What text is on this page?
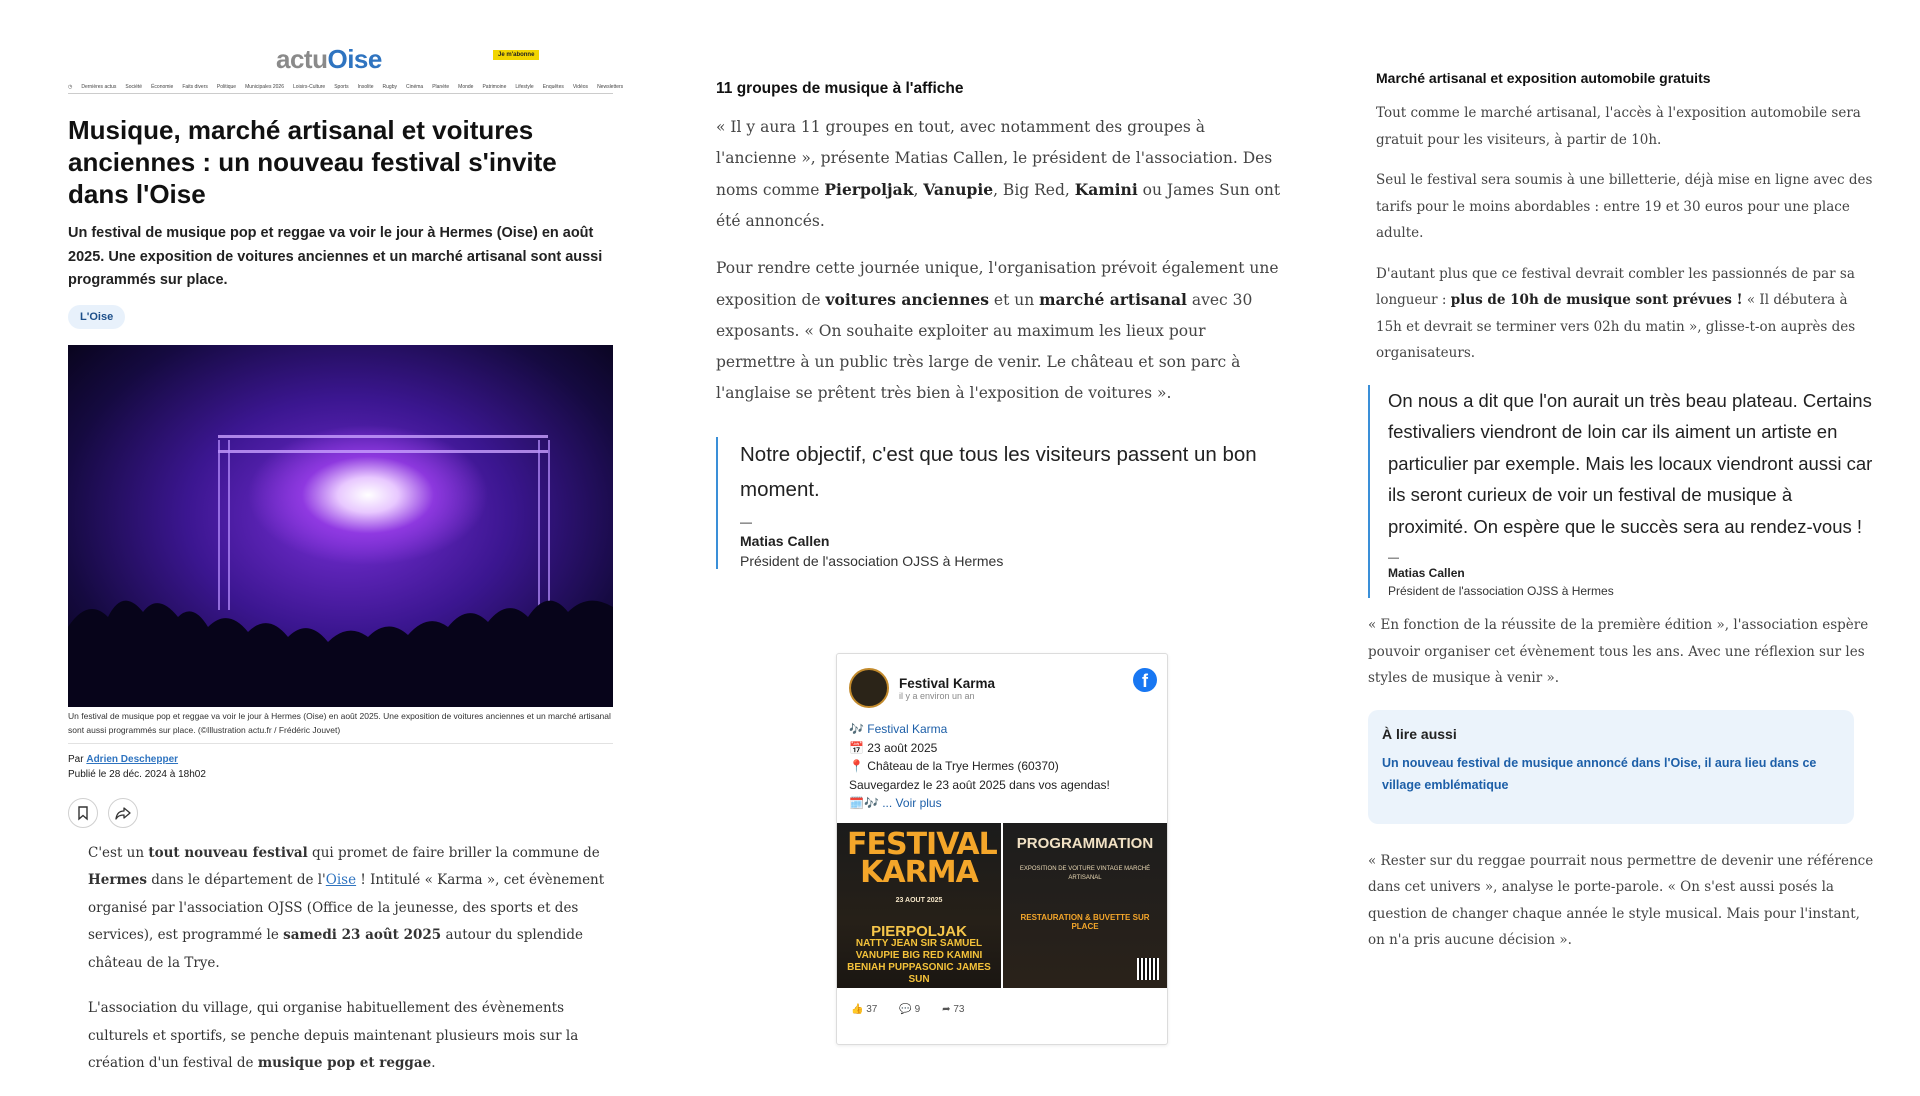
actuOise	Je m'abonne
◷ Dernières actus Société Économie Faits divers Politique Municipales 2026 Loisirs-Culture Sports Insolite Rugby Cinéma Planète Monde Patrimoine Lifestyle Enquêtes Vidéos Newsletters
Musique, marché artisanal et voitures anciennes : un nouveau festival s'invite dans l'Oise

Un festival de musique pop et reggae va voir le jour à Hermes (Oise) en août 2025. Une exposition de voitures anciennes et un marché artisanal sont aussi programmés sur place.

L'Oise
Un festival de musique pop et reggae va voir le jour à Hermes (Oise) en août 2025. Une exposition de voitures anciennes et un marché artisanal sont aussi programmés sur place. (©Illustration actu.fr / Frédéric Jouvet)
Par Adrien Deschepper
Publié le 28 déc. 2024 à 18h02

C'est un tout nouveau festival qui promet de faire briller la commune de Hermes dans le département de l'Oise ! Intitulé « Karma », cet évènement organisé par l'association OJSS (Office de la jeunesse, des sports et des services), est programmé le samedi 23 août 2025 autour du splendide château de la Trye.

L'association du village, qui organise habituellement des évènements culturels et sportifs, se penche depuis maintenant plusieurs mois sur la création d'un festival de musique pop et reggae.

11 groupes de musique à l'affiche

« Il y aura 11 groupes en tout, avec notamment des groupes à l'ancienne », présente Matias Callen, le président de l'association. Des noms comme Pierpoljak, Vanupie, Big Red, Kamini ou James Sun ont été annoncés.

Pour rendre cette journée unique, l'organisation prévoit également une exposition de voitures anciennes et un marché artisanal avec 30 exposants. « On souhaite exploiter au maximum les lieux pour permettre à un public très large de venir. Le château et son parc à l'anglaise se prêtent très bien à l'exposition de voitures ».

Notre objectif, c'est que tous les visiteurs passent un bon moment.
—
Matias Callen
Président de l'association OJSS à Hermes
Festival Karma
il y a environ un an
f
🎶 Festival Karma
📅 23 août 2025
📍 Château de la Trye Hermes (60370)
Sauvegardez le 23 août 2025 dans vos agendas!
🗓️🎶 ... Voir plus
FESTIVAL KARMA
23 AOUT 2025
PIERPOLJAK
NATTY JEAN SIR SAMUEL VANUPIE BIG RED KAMINI BENIAH PUPPASONIC JAMES SUN
PROGRAMMATION
EXPOSITION DE VOITURE VINTAGE MARCHÉ ARTISANAL
RESTAURATION & BUVETTE SUR PLACE
👍 37 💬 9 ➦ 73
Marché artisanal et exposition automobile gratuits

Tout comme le marché artisanal, l'accès à l'exposition automobile sera gratuit pour les visiteurs, à partir de 10h.

Seul le festival sera soumis à une billetterie, déjà mise en ligne avec des tarifs pour le moins abordables : entre 19 et 30 euros pour une place adulte.

D'autant plus que ce festival devrait combler les passionnés de par sa longueur : plus de 10h de musique sont prévues ! « Il débutera à 15h et devrait se terminer vers 02h du matin », glisse-t-on auprès des organisateurs.

On nous a dit que l'on aurait un très beau plateau. Certains festivaliers viendront de loin car ils aiment un artiste en particulier par exemple. Mais les locaux viendront aussi car ils seront curieux de voir un festival de musique à proximité. On espère que le succès sera au rendez-vous !
—
Matias Callen
Président de l'association OJSS à Hermes

« En fonction de la réussite de la première édition », l'association espère pouvoir organiser cet évènement tous les ans. Avec une réflexion sur les styles de musique à venir ».

À lire aussi
Un nouveau festival de musique annoncé dans l'Oise, il aura lieu dans ce village emblématique

« Rester sur du reggae pourrait nous permettre de devenir une référence dans cet univers », analyse le porte-parole. « On s'est aussi posés la question de changer chaque année le style musical. Mais pour l'instant, on n'a pris aucune décision ».
